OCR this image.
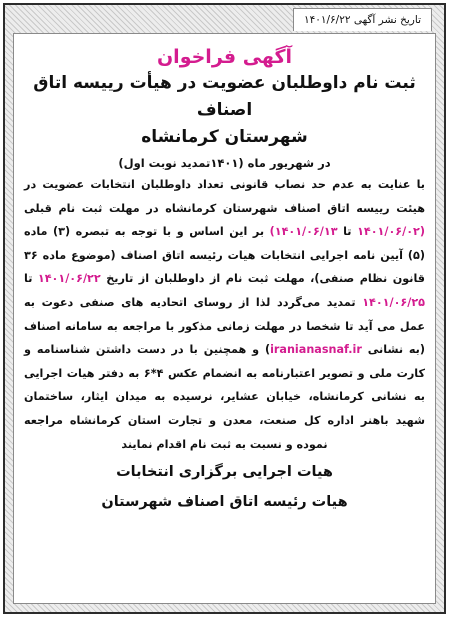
تاریخ نشر آگهی ۱۴۰۱/۶/۲۲
آگهی فراخوان
ثبت نام داوطلبان عضویت در هیأت رییسه اتاق اصناف
شهرستان کرمانشاه
در شهریور ماه (۱۴۰۱تمدید نوبت اول)
با عنایت به عدم حد نصاب قانونی تعداد داوطلبان انتخابات عضویت در هیئت رییسه اتاق اصناف شهرستان کرمانشاه در مهلت ثبت نام قبلی (۱۴۰۱/۰۶/۰۲ تا ۱۴۰۱/۰۶/۱۳) بر این اساس و با توجه به تبصره (۳) ماده (۵) آیین نامه اجرایی انتخابات هیات رئیسه اتاق اصناف (موضوع ماده ۳۶ قانون نظام صنفی)، مهلت ثبت نام از داوطلبان از تاریخ ۱۴۰۱/۰۶/۲۲ تا ۱۴۰۱/۰۶/۲۵ تمدید می‌گردد لذا از روسای اتحادیه های صنفی دعوت به عمل می آید تا شخصا در مهلت زمانی مذکور با مراجعه به سامانه اصناف (به نشانی iranianasnaf.ir) و همچنین با در دست داشتن شناسنامه و کارت ملی و تصویر اعتبارنامه به انضمام عکس ۴*۶ به دفتر هیات اجرایی به نشانی کرمانشاه، خیابان عشایر، نرسیده به میدان ایثار، ساختمان شهید باهنر اداره کل صنعت، معدن و تجارت استان کرمانشاه مراجعه نموده و نسبت به ثبت نام اقدام نمایند
هیات اجرایی برگزاری انتخابات
هیات رئیسه اتاق اصناف شهرستان
